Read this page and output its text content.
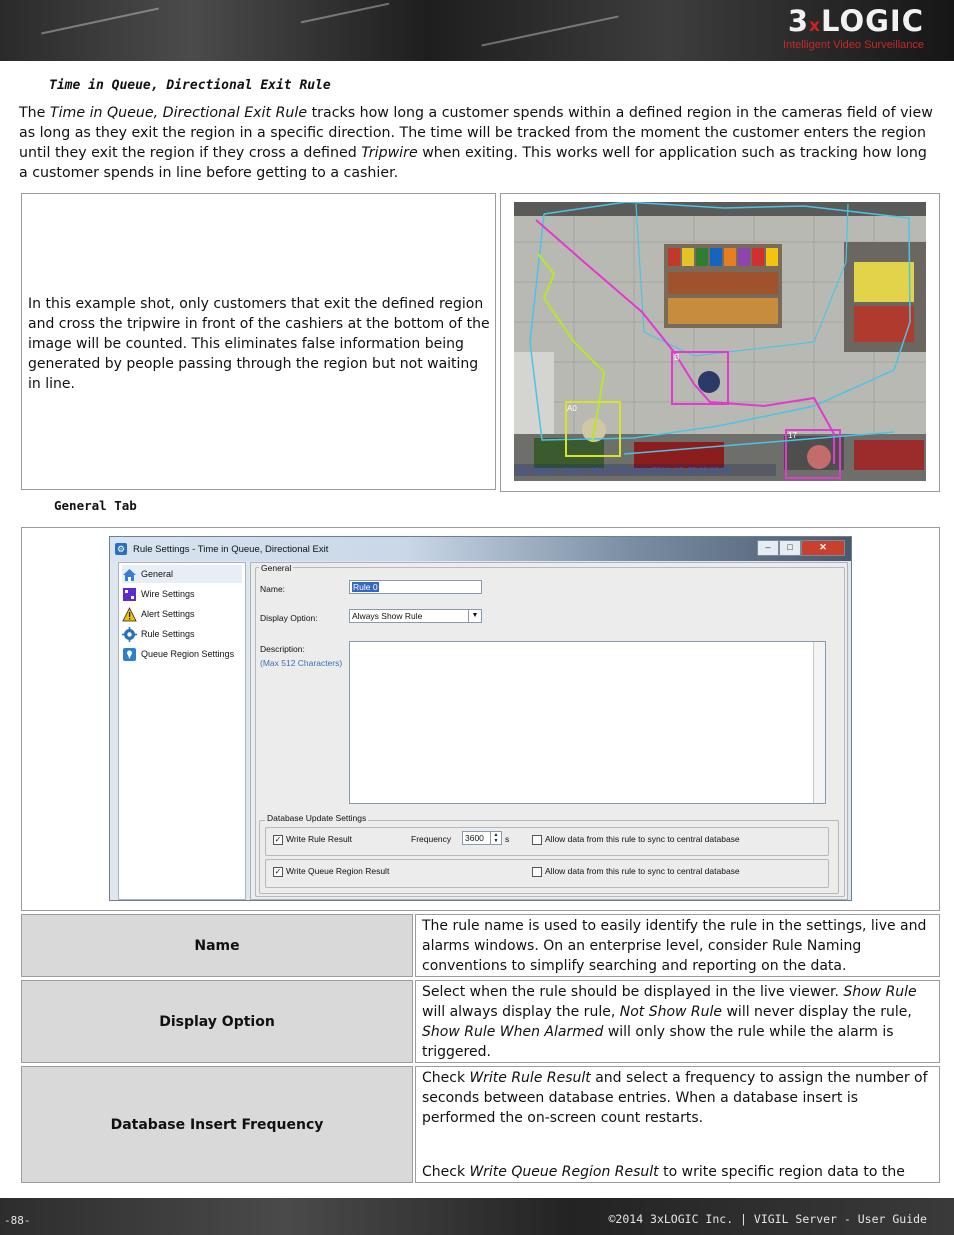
3xLOGIC
Intelligent Video Surveillance
Time in Queue, Directional Exit Rule
The Time in Queue, Directional Exit Rule tracks how long a customer spends within a defined region in the cameras field of view as long as they exit the region in a specific direction. The time will be tracked from the moment the customer enters the region until they exit the region if they cross a defined Tripwire when exiting. This works well for application such as tracking how long a customer spends in line before getting to a cashier.
In this example shot, only customers that exit the defined region and cross the tripwire in front of the cashiers at the bottom of the image will be counted. This eliminates false information being generated by people passing through the region but not waiting in line.
B
A0
17
[1] Tripwire : Active | Hit 16 | Hit since 2014_12_05 00:00:00
General Tab
⚙ Rule Settings - Time in Queue, Directional Exit	–	□	✕
General
Wire Settings
Alert Settings
Rule Settings
Queue Region Settings
General
Name:	Rule 0
Display Option:	Always Show Rule	▼
Description:
(Max 512 Characters)
Database Update Settings
✓ Write Rule Result	Frequency	3600	▲
▼ s	Allow data from this rule to sync to central database
✓ Write Queue Region Result	Allow data from this rule to sync to central database
Name
The rule name is used to easily identify the rule in the settings, live and alarms windows. On an enterprise level, consider Rule Naming conventions to simplify searching and reporting on the data.
Display Option
Select when the rule should be displayed in the live viewer. Show Rule will always display the rule, Not Show Rule will never display the rule, Show Rule When Alarmed will only show the rule while the alarm is triggered.
Database Insert Frequency
Check Write Rule Result and select a frequency to assign the number of seconds between database entries. When a database insert is performed the on-screen count restarts.
Check Write Queue Region Result to write specific region data to the
-88-	©2014 3xLOGIC Inc. | VIGIL Server - User Guide
